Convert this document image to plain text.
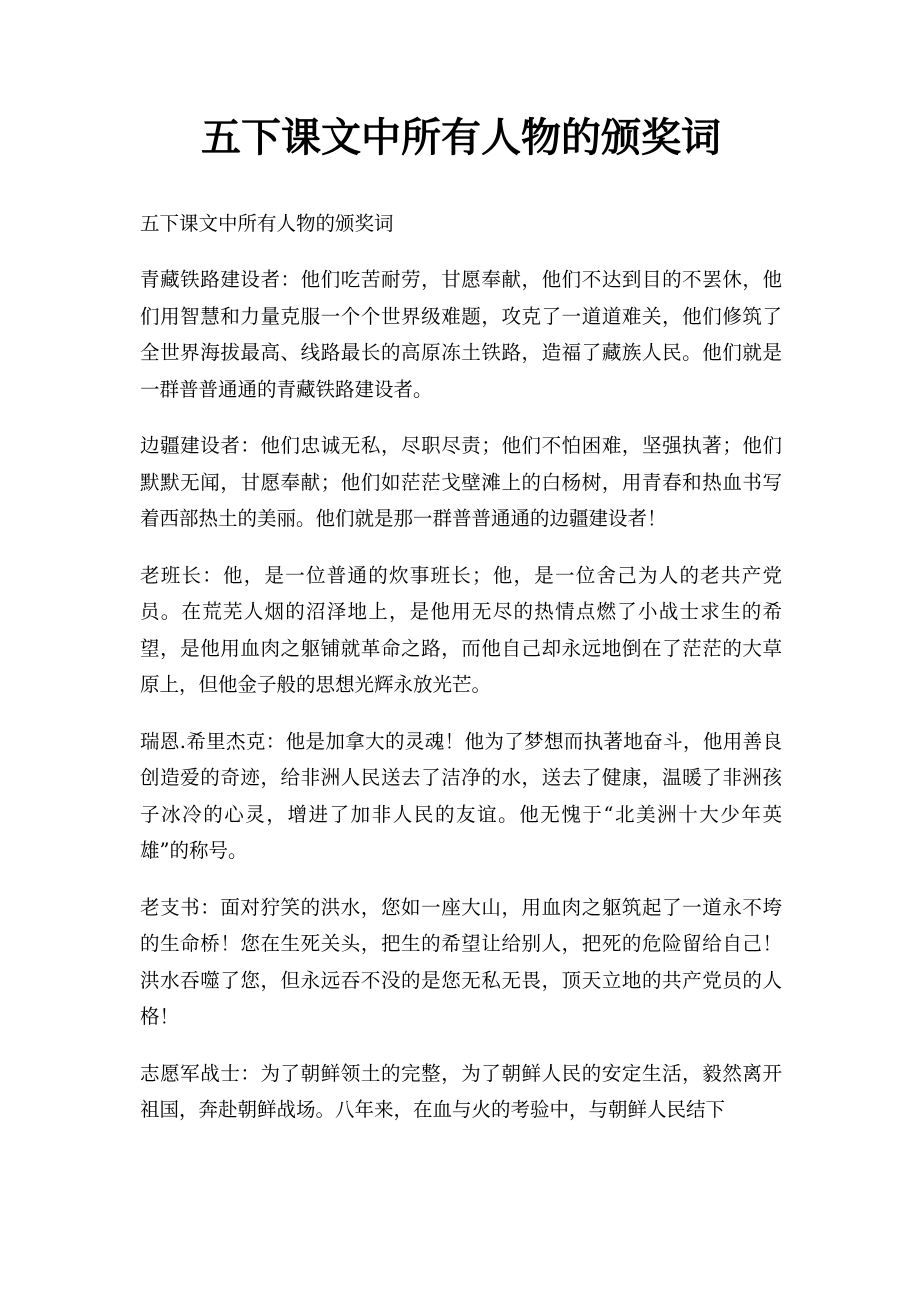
五下课文中所有人物的颁奖词

五下课文中所有人物的颁奖词

青藏铁路建设者：他们吃苦耐劳，甘愿奉献，他们不达到目的不罢休，他们用智慧和力量克服一个个世界级难题，攻克了一道道难关，他们修筑了全世界海拔最高、线路最长的高原冻土铁路，造福了藏族人民。他们就是一群普普通通的青藏铁路建设者。

边疆建设者：他们忠诚无私，尽职尽责；他们不怕困难，坚强执著；他们默默无闻，甘愿奉献；他们如茫茫戈壁滩上的白杨树，用青春和热血书写着西部热土的美丽。他们就是那一群普普通通的边疆建设者！

老班长：他，是一位普通的炊事班长；他，是一位舍己为人的老共产党员。在荒芜人烟的沼泽地上，是他用无尽的热情点燃了小战士求生的希望，是他用血肉之躯铺就革命之路，而他自己却永远地倒在了茫茫的大草原上，但他金子般的思想光辉永放光芒。

瑞恩.希里杰克：他是加拿大的灵魂！他为了梦想而执著地奋斗，他用善良创造爱的奇迹，给非洲人民送去了洁净的水，送去了健康，温暖了非洲孩子冰冷的心灵，增进了加非人民的友谊。他无愧于“北美洲十大少年英雄”的称号。

老支书：面对狞笑的洪水，您如一座大山，用血肉之躯筑起了一道永不垮的生命桥！您在生死关头，把生的希望让给别人，把死的危险留给自己！洪水吞噬了您，但永远吞不没的是您无私无畏，顶天立地的共产党员的人格！

志愿军战士：为了朝鲜领土的完整，为了朝鲜人民的安定生活，毅然离开祖国，奔赴朝鲜战场。八年来，在血与火的考验中，与朝鲜人民结下
